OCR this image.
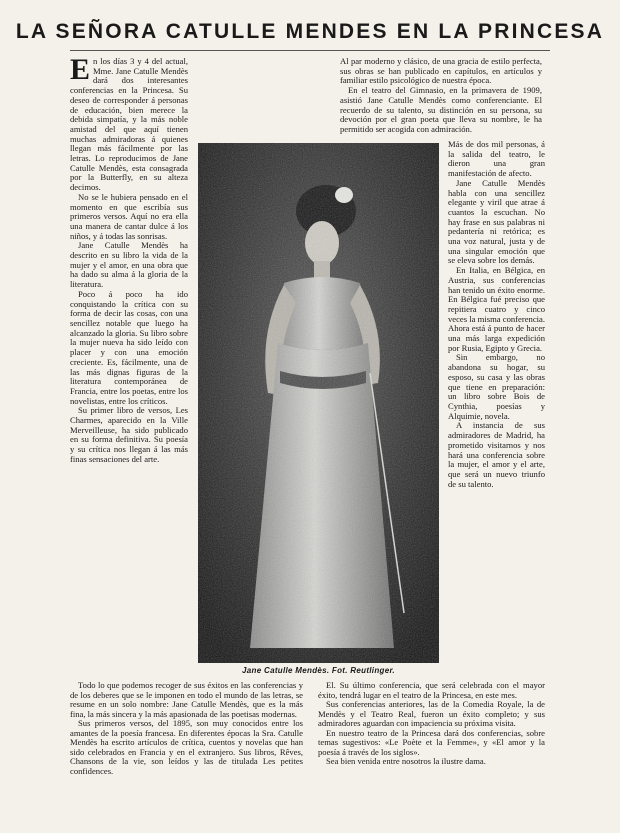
LA SEÑORA CATULLE MENDES EN LA PRINCESA
E n los días 3 y 4 del actual, Mme. Jane Catulle Mendès dará dos interesantes conferencias en la Princesa. Su deseo de corresponder á personas de educación, bien merece la debida simpatía, y la más noble amistad del que aquí tienen muchas admiradoras á quienes llegan más fácilmente por las letras. Lo reproducimos de Jane Catulle Mendès, esta consagrada por la Butterfly, en su alteza decimos.

No se le hubiera pensado en el momento en que escribía sus primeros versos. Aquí no era ella una manera de cantar dulce á los niños, y á todas las sonrisas.

Jane Catulle Mendès ha descrito en su libro la vida de la mujer y el amor, en una obra que ha dado su alma á la gloria de la literatura.

Poco á poco ha ido conquistando la crítica con su forma de decir las cosas, con una sencillez notable que luego ha alcanzado la gloria. Su libro sobre la mujer nueva ha sido leído con placer y con una emoción creciente. Es, fácilmente, una de las más dignas figuras de la literatura contemporánea de Francia, entre los poetas, entre los novelistas, entre los críticos.

Su primer libro de versos, Les Charmes, aparecido en la Ville Merveilleuse, ha sido publicado en su forma definitiva. Su poesía y su crítica nos llegan á las más finas sensaciones del arte.

Al par moderno y clásico, de una gracia de estilo perfecta, sus obras se han publicado en capítulos, en artículos y familiar estilo psicológico de nuestra época.

En el teatro del Gimnasio, en la primavera de 1909, asistió Jane Catulle Mendès como conferenciante. El recuerdo de su talento, su distinción en su persona, su devoción por el gran poeta que lleva su nombre, le ha permitido ser acogida con admiración.

Más de dos mil personas, á la salida del teatro, le dieron una gran manifestación de afecto.

Jane Catulle Mendès habla con una sencillez elegante y viril que atrae á cuantos la escuchan. No hay frase en sus palabras ni pedantería ni retórica; es una voz natural, justa y de una singular emoción que se eleva sobre los demás.

En Italia, en Bélgica, en Austria, sus conferencias han tenido un éxito enorme. En Bélgica fué preciso que repitiera cuatro y cinco veces la misma conferencia. Ahora está á punto de hacer una más larga expedición por Rusia, Egipto y Grecia.

Sin embargo, no abandona su hogar, su esposo, su casa y las obras que tiene en preparación: un libro sobre Bois de Cynthia, poesías y Alquimie, novela.

A instancia de sus admiradores de Madrid, ha prometido visitarnos y nos hará una conferencia sobre la mujer, el amor y el arte, que será un nuevo triunfo de su talento.

Jane Catulle Mendès. Fot. Reutlinger.

Todo lo que podemos recoger de sus éxitos en las conferencias y de los deberes que se le imponen en todo el mundo de las letras, se resume en un solo nombre: Jane Catulle Mendès, que es la más fina, la más sincera y la más apasionada de las poetisas modernas.

Sus primeros versos, del 1895, son muy conocidos entre los amantes de la poesía francesa. En diferentes épocas la Sra. Catulle Mendès ha escrito artículos de crítica, cuentos y novelas que han sido celebrados en Francia y en el extranjero. Sus libros, Rêves, Chansons de la vie, son leídos y las de titulada Les petites confidences.

El. Su último conferencia, que será celebrada con el mayor éxito, tendrá lugar en el teatro de la Princesa, en este mes.

Sus conferencias anteriores, las de la Comedia Royale, la de Mendès y el Teatro Real, fueron un éxito completo; y sus admiradores aguardan con impaciencia su próxima visita.

En nuestro teatro de la Princesa dará dos conferencias, sobre temas sugestivos: «Le Poète et la Femme», y «El amor y la poesía á través de los siglos».

Sea bien venida entre nosotros la ilustre dama.
